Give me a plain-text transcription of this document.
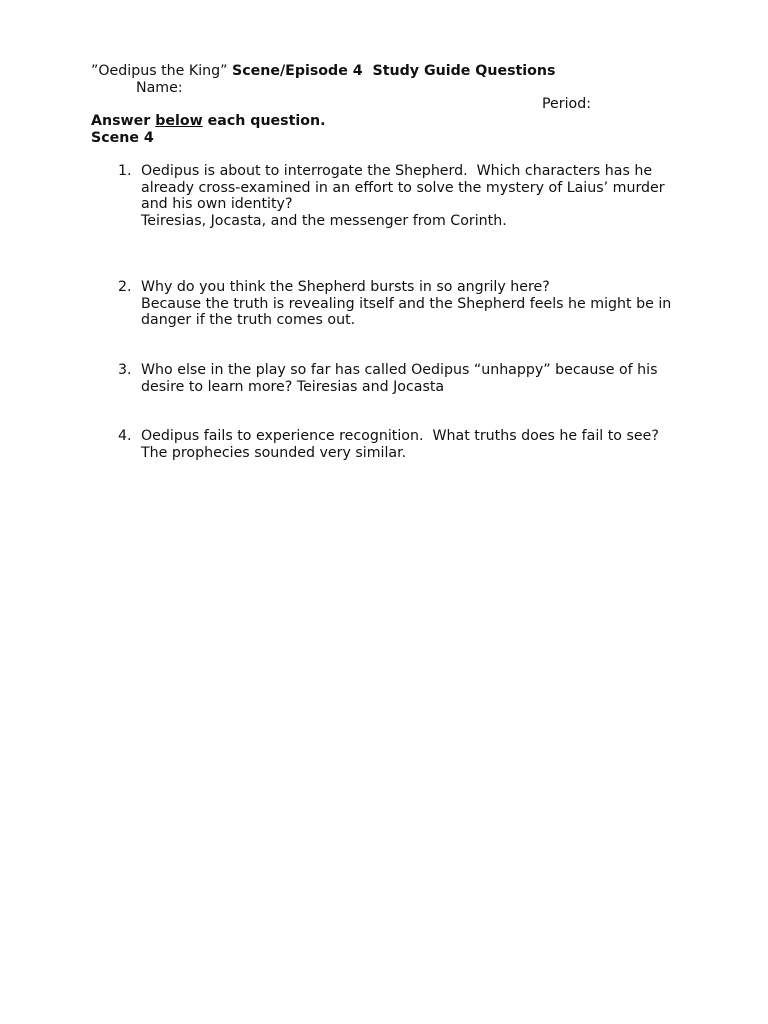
”Oedipus the King” Scene/Episode 4  Study Guide Questions
Name:
Period:
Answer below each question.
Scene 4
1. Oedipus is about to interrogate the Shepherd.  Which characters has he
already cross-examined in an effort to solve the mystery of Laius’ murder
and his own identity?
Teiresias, Jocasta, and the messenger from Corinth.
2. Why do you think the Shepherd bursts in so angrily here?
Because the truth is revealing itself and the Shepherd feels he might be in
danger if the truth comes out.
3. Who else in the play so far has called Oedipus “unhappy” because of his
desire to learn more? Teiresias and Jocasta
4. Oedipus fails to experience recognition.  What truths does he fail to see?
The prophecies sounded very similar.
